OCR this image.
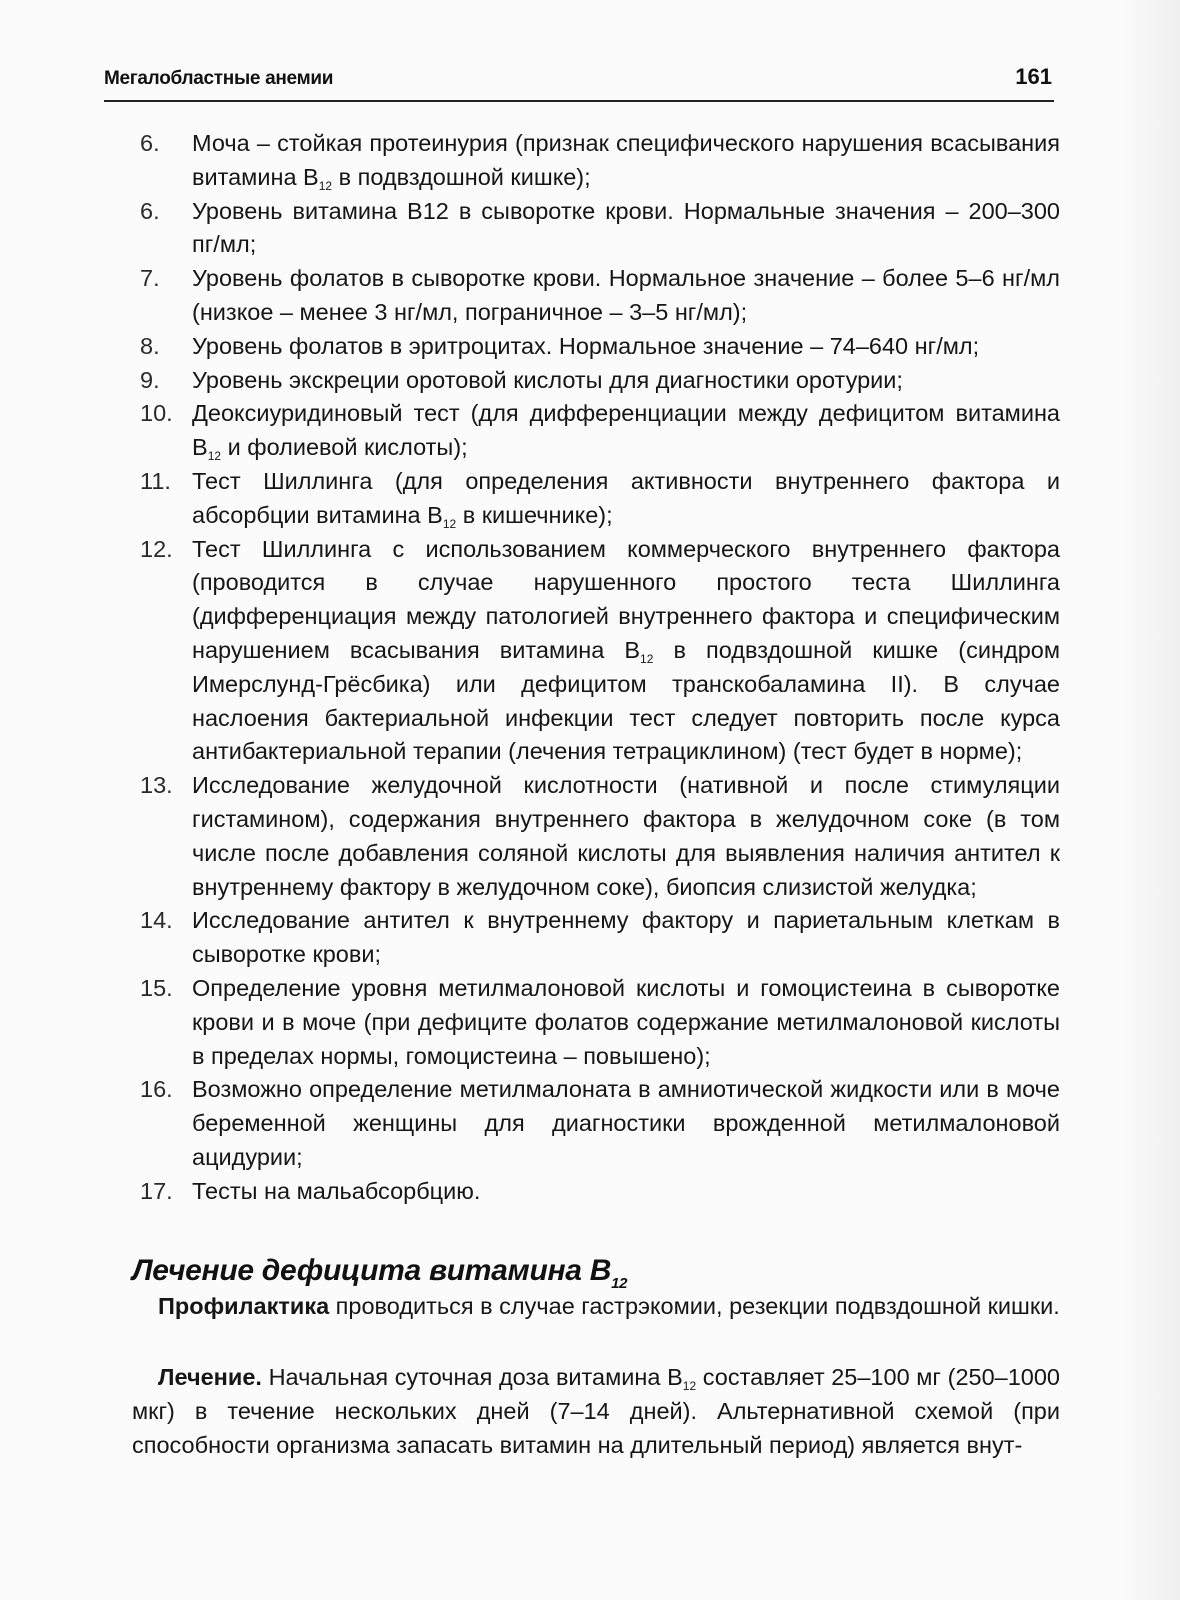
Мегалобластные анемии	161
6.	Моча – стойкая протеинурия (признак специфического нарушения всасывания витамина $B_{12}$ в подвздошной кишке);
6.	Уровень витамина B12 в сыворотке крови. Нормальные значения – 200–300 пг/мл;
7.	Уровень фолатов в сыворотке крови. Нормальное значение – более 5–6 нг/мл (низкое – менее 3 нг/мл, пограничное – 3–5 нг/мл);
8.	Уровень фолатов в эритроцитах. Нормальное значение – 74–640 нг/мл;
9.	Уровень экскреции оротовой кислоты для диагностики оротурии;
10. Деоксиуридиновый тест (для дифференциации между дефицитом витамина $B_{12}$ и фолиевой кислоты);
11. Тест Шиллинга (для определения активности внутреннего фактора и абсорбции витамина $B_{12}$ в кишечнике);
12. Тест Шиллинга с использованием коммерческого внутреннего фактора (проводится в случае нарушенного простого теста Шиллинга (дифференциация между патологией внутреннего фактора и специфическим нарушением всасывания витамина $B_{12}$ в подвздошной кишке (синдром Имерслунд-Грёсбика) или дефицитом транскобаламина II). В случае наслоения бактериальной инфекции тест следует повторить после курса антибактериальной терапии (лечения тетрациклином) (тест будет в норме);
13. Исследование желудочной кислотности (нативной и после стимуляции гистамином), содержания внутреннего фактора в желудочном соке (в том числе после добавления соляной кислоты для выявления наличия антител к внутреннему фактору в желудочном соке), биопсия слизистой желудка;
14. Исследование антител к внутреннему фактору и париетальным клеткам в сыворотке крови;
15. Определение уровня метилмалоновой кислоты и гомоцистеина в сыворотке крови и в моче (при дефиците фолатов содержание метилмалоновой кислоты в пределах нормы, гомоцистеина – повышено);
16. Возможно определение метилмалоната в амниотической жидкости или в моче беременной женщины для диагностики врожденной метилмалоновой ацидурии;
17. Тесты на мальабсорбцию.
Лечение дефицита витамина $B_{12}$

Профилактика проводиться в случае гастрэкомии, резекции подвздошной кишки.

Лечение. Начальная суточная доза витамина $B_{12}$ составляет 25–100 мг (250–1000 мкг) в течение нескольких дней (7–14 дней). Альтернативной схемой (при способности организма запасать витамин на длительный период) является внут-
